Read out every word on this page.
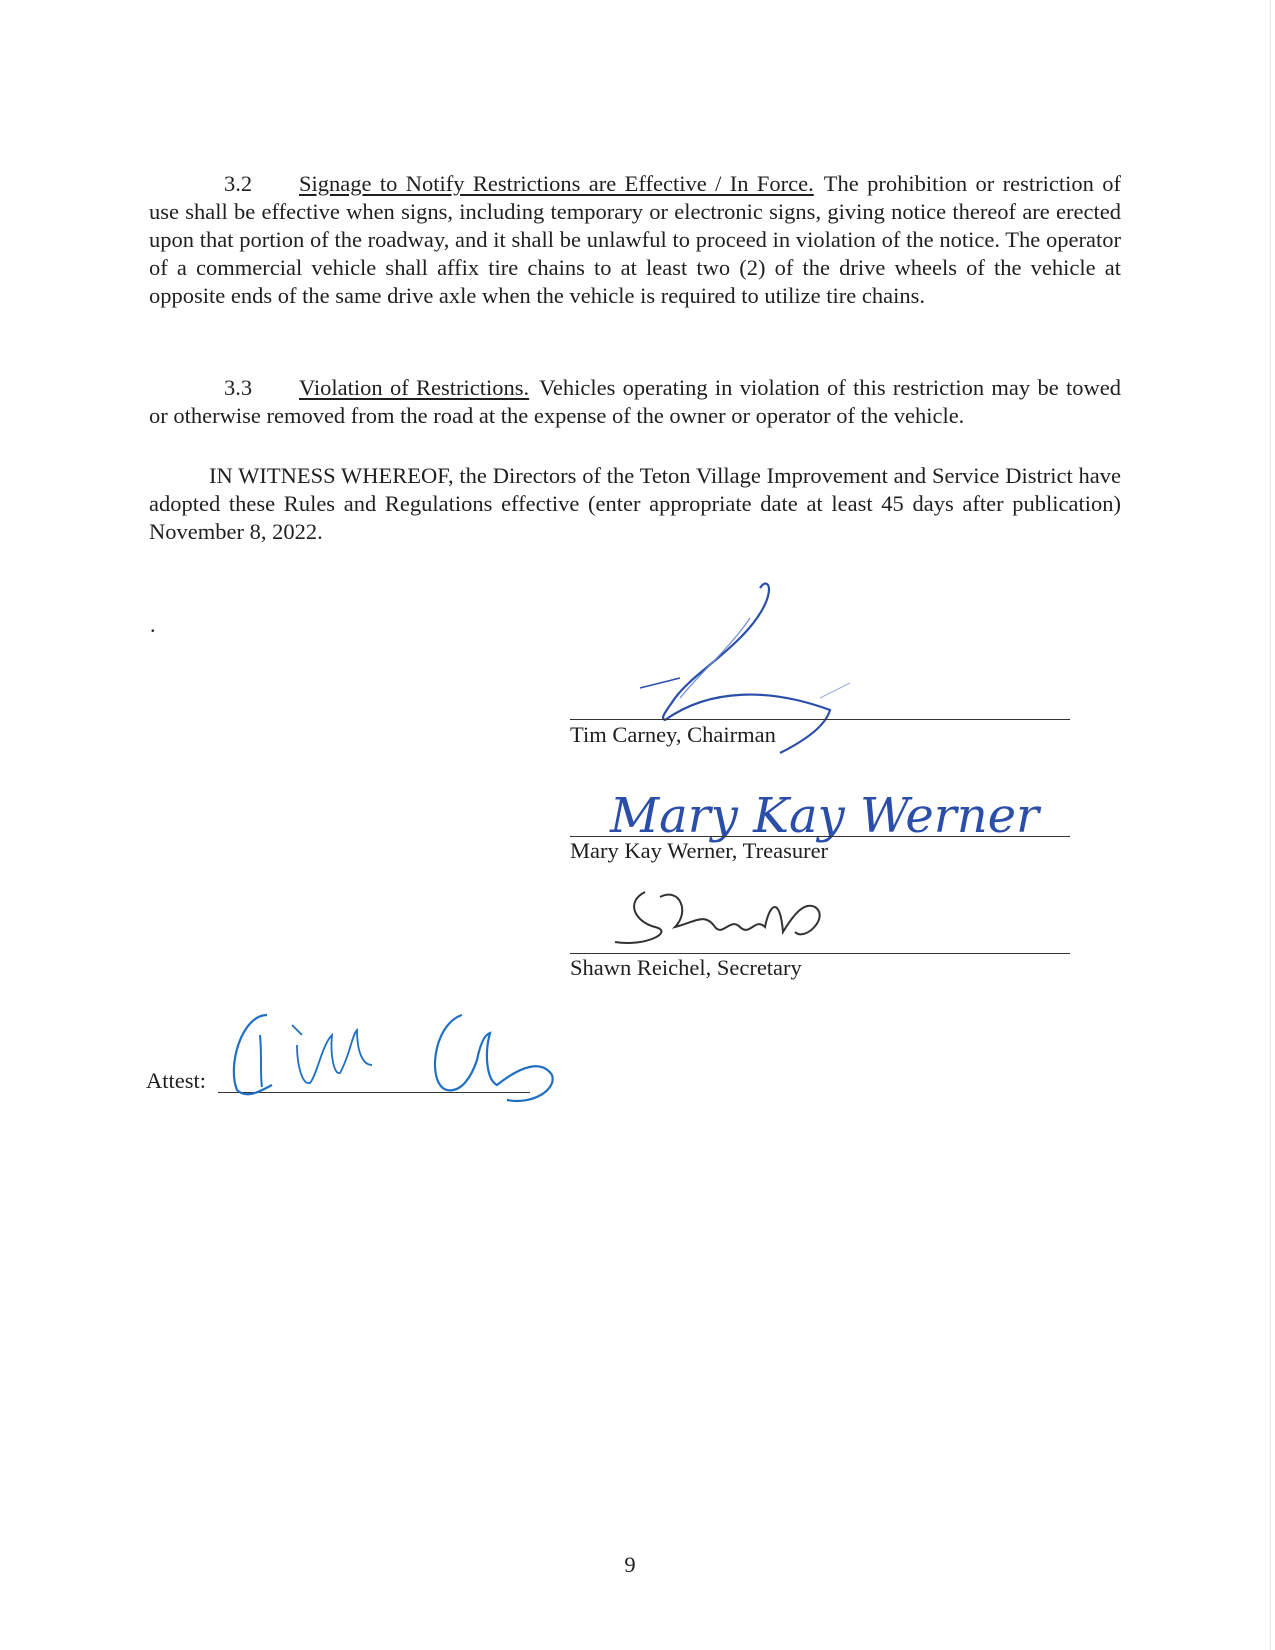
3.2 Signage to Notify Restrictions are Effective / In Force. The prohibition or restriction of use shall be effective when signs, including temporary or electronic signs, giving notice thereof are erected upon that portion of the roadway, and it shall be unlawful to proceed in violation of the notice. The operator of a commercial vehicle shall affix tire chains to at least two (2) of the drive wheels of the vehicle at opposite ends of the same drive axle when the vehicle is required to utilize tire chains.

3.3 Violation of Restrictions. Vehicles operating in violation of this restriction may be towed or otherwise removed from the road at the expense of the owner or operator of the vehicle.

IN WITNESS WHEREOF, the Directors of the Teton Village Improvement and Service District have adopted these Rules and Regulations effective (enter appropriate date at least 45 days after publication) November 8, 2022.

.
Tim Carney, Chairman
Mary Kay Werner
Mary Kay Werner, Treasurer
Shawn Reichel, Secretary
Attest:
9
